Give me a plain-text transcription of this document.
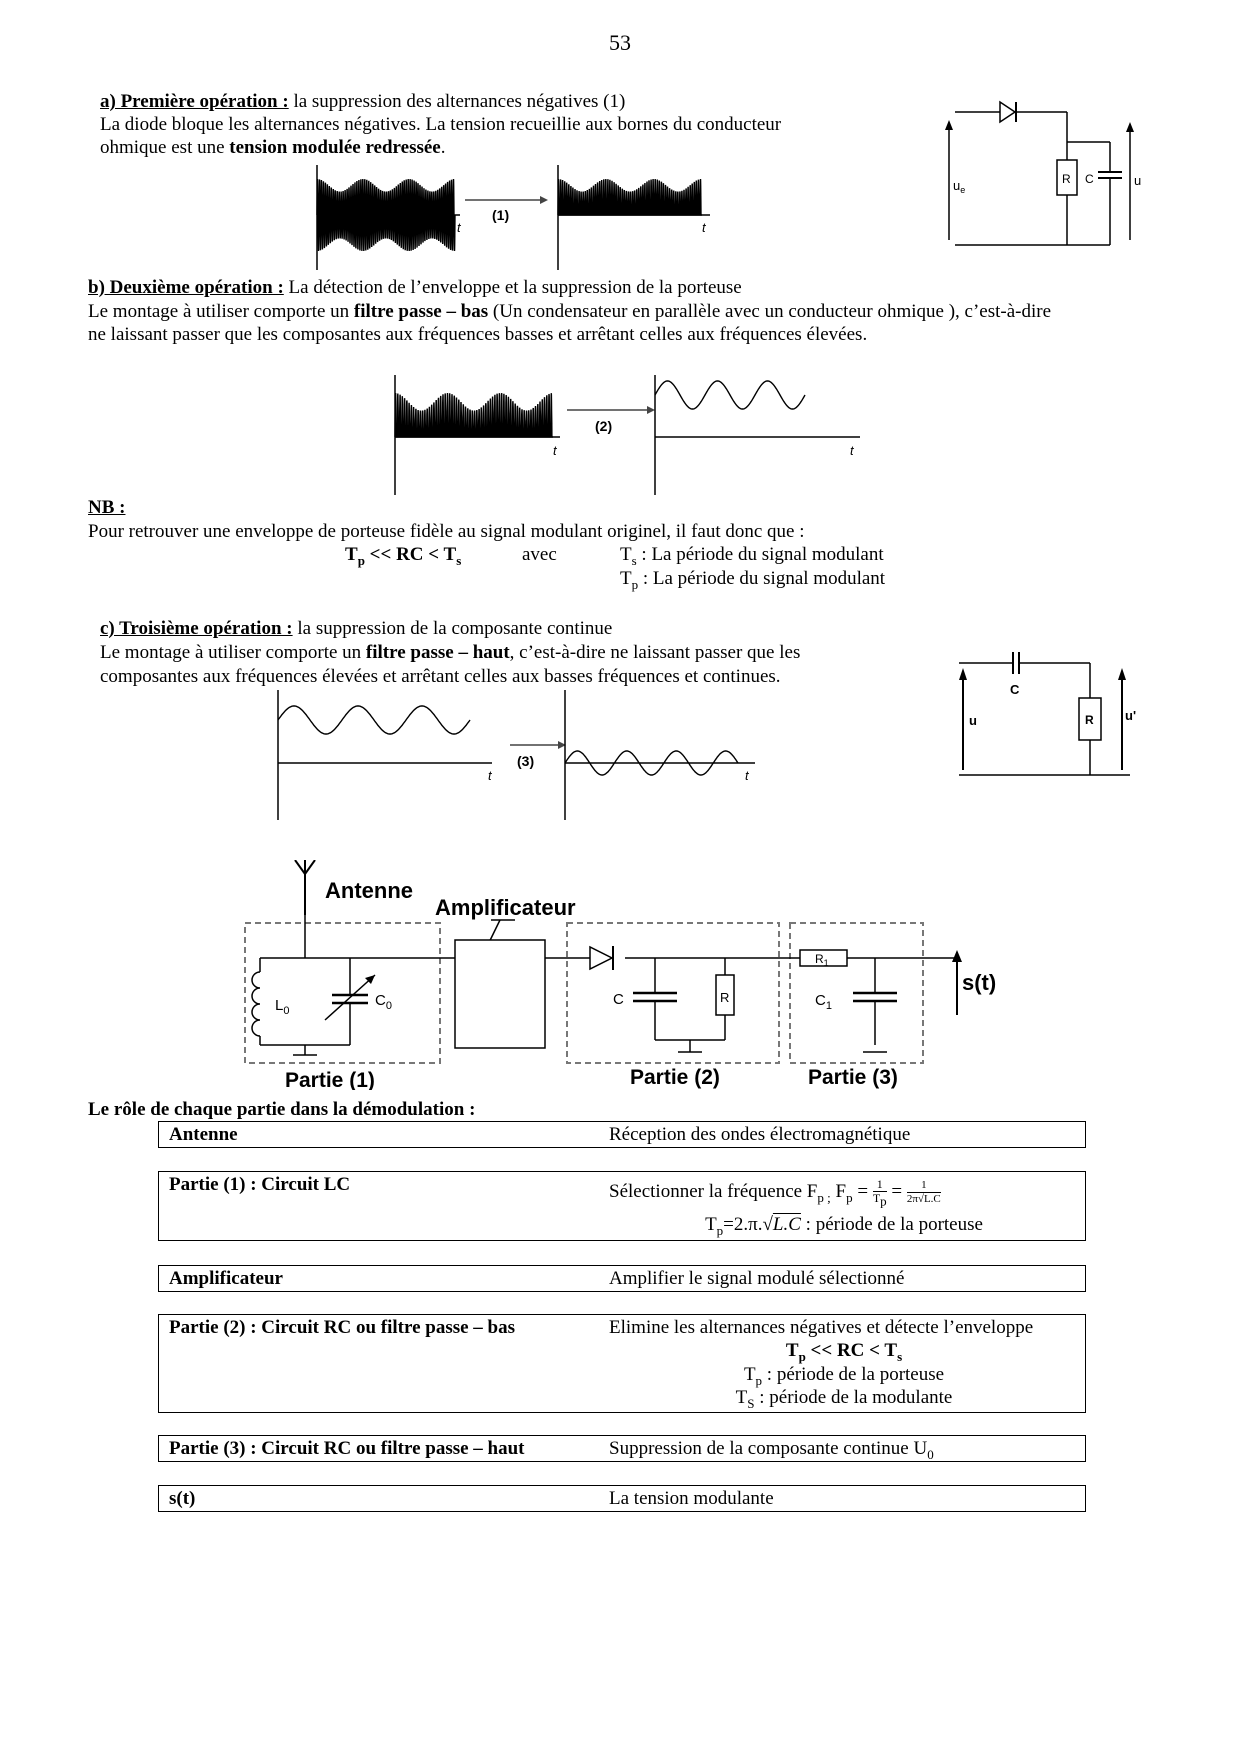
53
a) Première opération : la suppression des alternances négatives (1)
La diode bloque les alternances négatives. La tension recueillie aux bornes du conducteur
ohmique est une tension modulée redressée.
t
(1)
t
$u_e$
R C	u
b) Deuxième opération : La détection de l’enveloppe et la suppression de la porteuse
Le montage à utiliser comporte un filtre passe – bas (Un condensateur en parallèle avec un conducteur ohmique ), c’est-à-dire
ne laissant passer que les composantes aux fréquences basses et arrêtant celles aux fréquences élevées.
t
(2)
t
NB :
Pour retrouver une enveloppe de porteuse fidèle au signal modulant originel, il faut donc que :
$T_p$ << RC < $T_s$	avec	$T_s$ : La période du signal modulant
$T_p$ : La période du signal modulant
c) Troisième opération : la suppression de la composante continue
Le montage à utiliser comporte un filtre passe – haut, c’est-à-dire ne laissant passer que les
composantes aux fréquences élevées et arrêtant celles aux basses fréquences et continues.
t
(3)
t
u
C
R u'
Antenne
Amplificateur
$L_0$
$C_0$	C	R
$R_1$
$C_1$
s(t)
Partie (1)	Partie (2)	Partie (3)
Le rôle de chaque partie dans la démodulation :
Antenne	Réception des ondes électromagnétique
Partie (1) : Circuit LC	Sélectionner la fréquence $F_{p ;}$ $F_p = \frac{1}{T_p} = \frac{1}{2\pi√L.C}$
$T_p=2.\pi.√L.C$ : période de la porteuse
Amplificateur	Amplifier le signal modulé sélectionné
Partie (2) : Circuit RC ou filtre passe – bas	Elimine les alternances négatives et détecte l’enveloppe
$T_p$ << RC < $T_s$
$T_p$ : période de la porteuse
$T_S$ : période de la modulante
Partie (3) : Circuit RC ou filtre passe – haut	Suppression de la composante continue $U_0$
s(t)	La tension modulante
